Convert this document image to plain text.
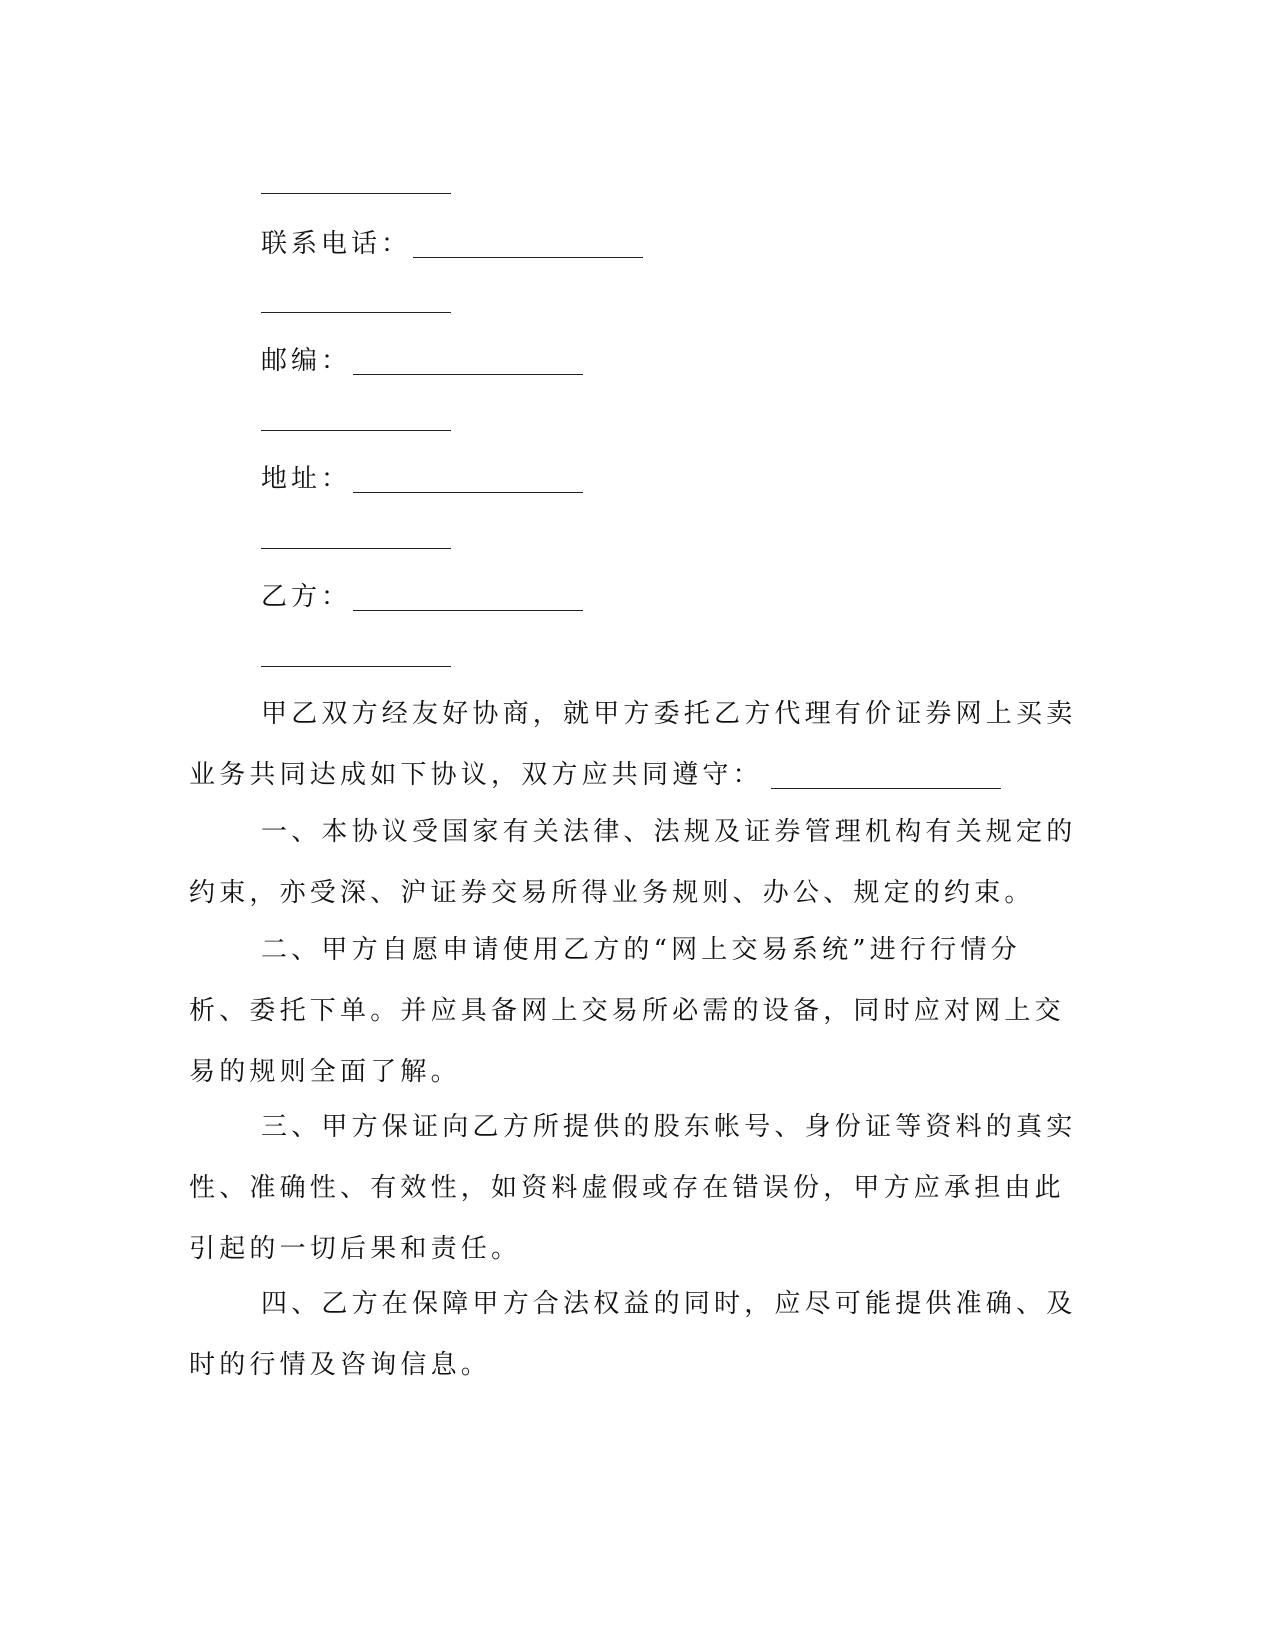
联系电话：
邮编：
地址：
乙方：
甲乙双方经友好协商，就甲方委托乙方代理有价证券网上买卖业务共同达成如下协议，双方应共同遵守：
一、本协议受国家有关法律、法规及证券管理机构有关规定的约束，亦受深、沪证券交易所得业务规则、办公、规定的约束。
二、甲方自愿申请使用乙方的“网上交易系统”进行行情分析、委托下单。并应具备网上交易所必需的设备，同时应对网上交易的规则全面了解。
三、甲方保证向乙方所提供的股东帐号、身份证等资料的真实性、准确性、有效性，如资料虚假或存在错误份，甲方应承担由此引起的一切后果和责任。
四、乙方在保障甲方合法权益的同时，应尽可能提供准确、及时的行情及咨询信息。
